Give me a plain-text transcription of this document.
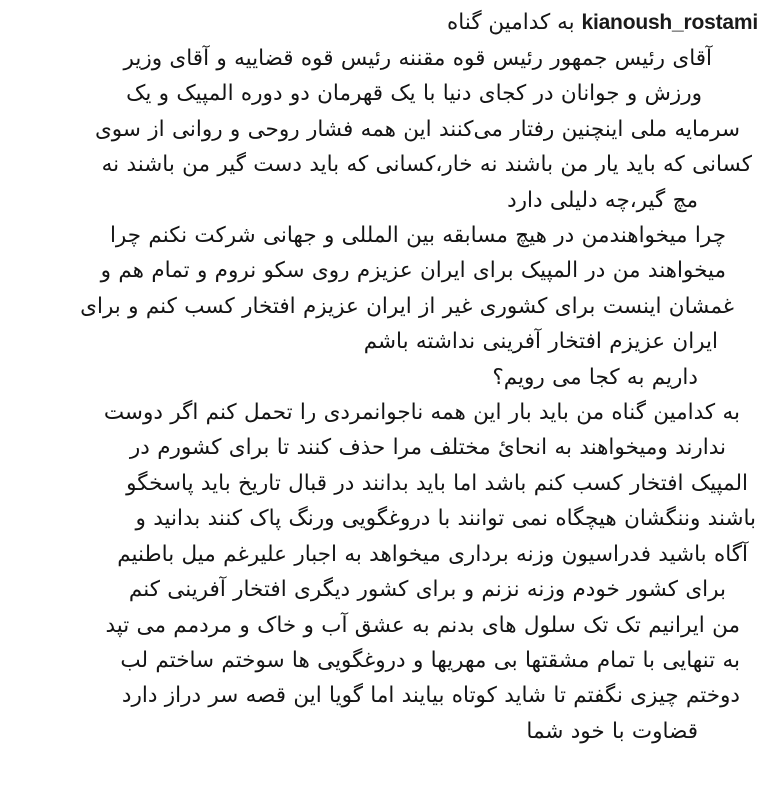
kianoush_rostami به کدامین گناه
آقای رئیس جمهور رئیس قوه مقننه رئیس قوه قضاییه و آقای وزیر
ورزش و جوانان در کجای دنیا با یک قهرمان دو دوره المپیک و یک
سرمایه ملی اینچنین رفتار می‌کنند این همه فشار روحی و روانی از سوی
کسانی که باید یار من باشند نه خار،کسانی که باید دست گیر من باشند نه
مچ گیر،چه دلیلی دارد
چرا میخواهندمن در هیچ مسابقه بین المللی و جهانی شرکت نکنم چرا
میخواهند من در المپیک برای ایران عزیزم روی سکو نروم و تمام هم و
غمشان اینست برای کشوری غیر از ایران عزیزم افتخار کسب کنم و برای
ایران عزیزم افتخار آفرینی نداشته باشم
داریم به کجا می رویم؟
به کدامین گناه من باید بار این همه ناجوانمردی را تحمل کنم اگر دوست
ندارند ومیخواهند به انحائ مختلف مرا حذف کنند تا برای کشورم در
المپیک افتخار کسب کنم باشد اما باید بدانند در قبال تاریخ باید پاسخگو
باشند وننگشان هیچگاه نمی توانند با دروغگویی ورنگ پاک کنند بدانید و
آگاه باشید فدراسیون وزنه برداری میخواهد به اجبار علیرغم میل باطنیم
برای کشور خودم وزنه نزنم و برای کشور دیگری افتخار آفرینی کنم
من ایرانیم تک تک سلول های بدنم به عشق آب و خاک و مردمم می تپد
به تنهایی با تمام مشقتها بی مهریها و دروغگویی ها سوختم ساختم لب
دوختم چیزی نگفتم تا شاید کوتاه بیایند اما گویا این قصه سر دراز دارد
قضاوت با خود شما
